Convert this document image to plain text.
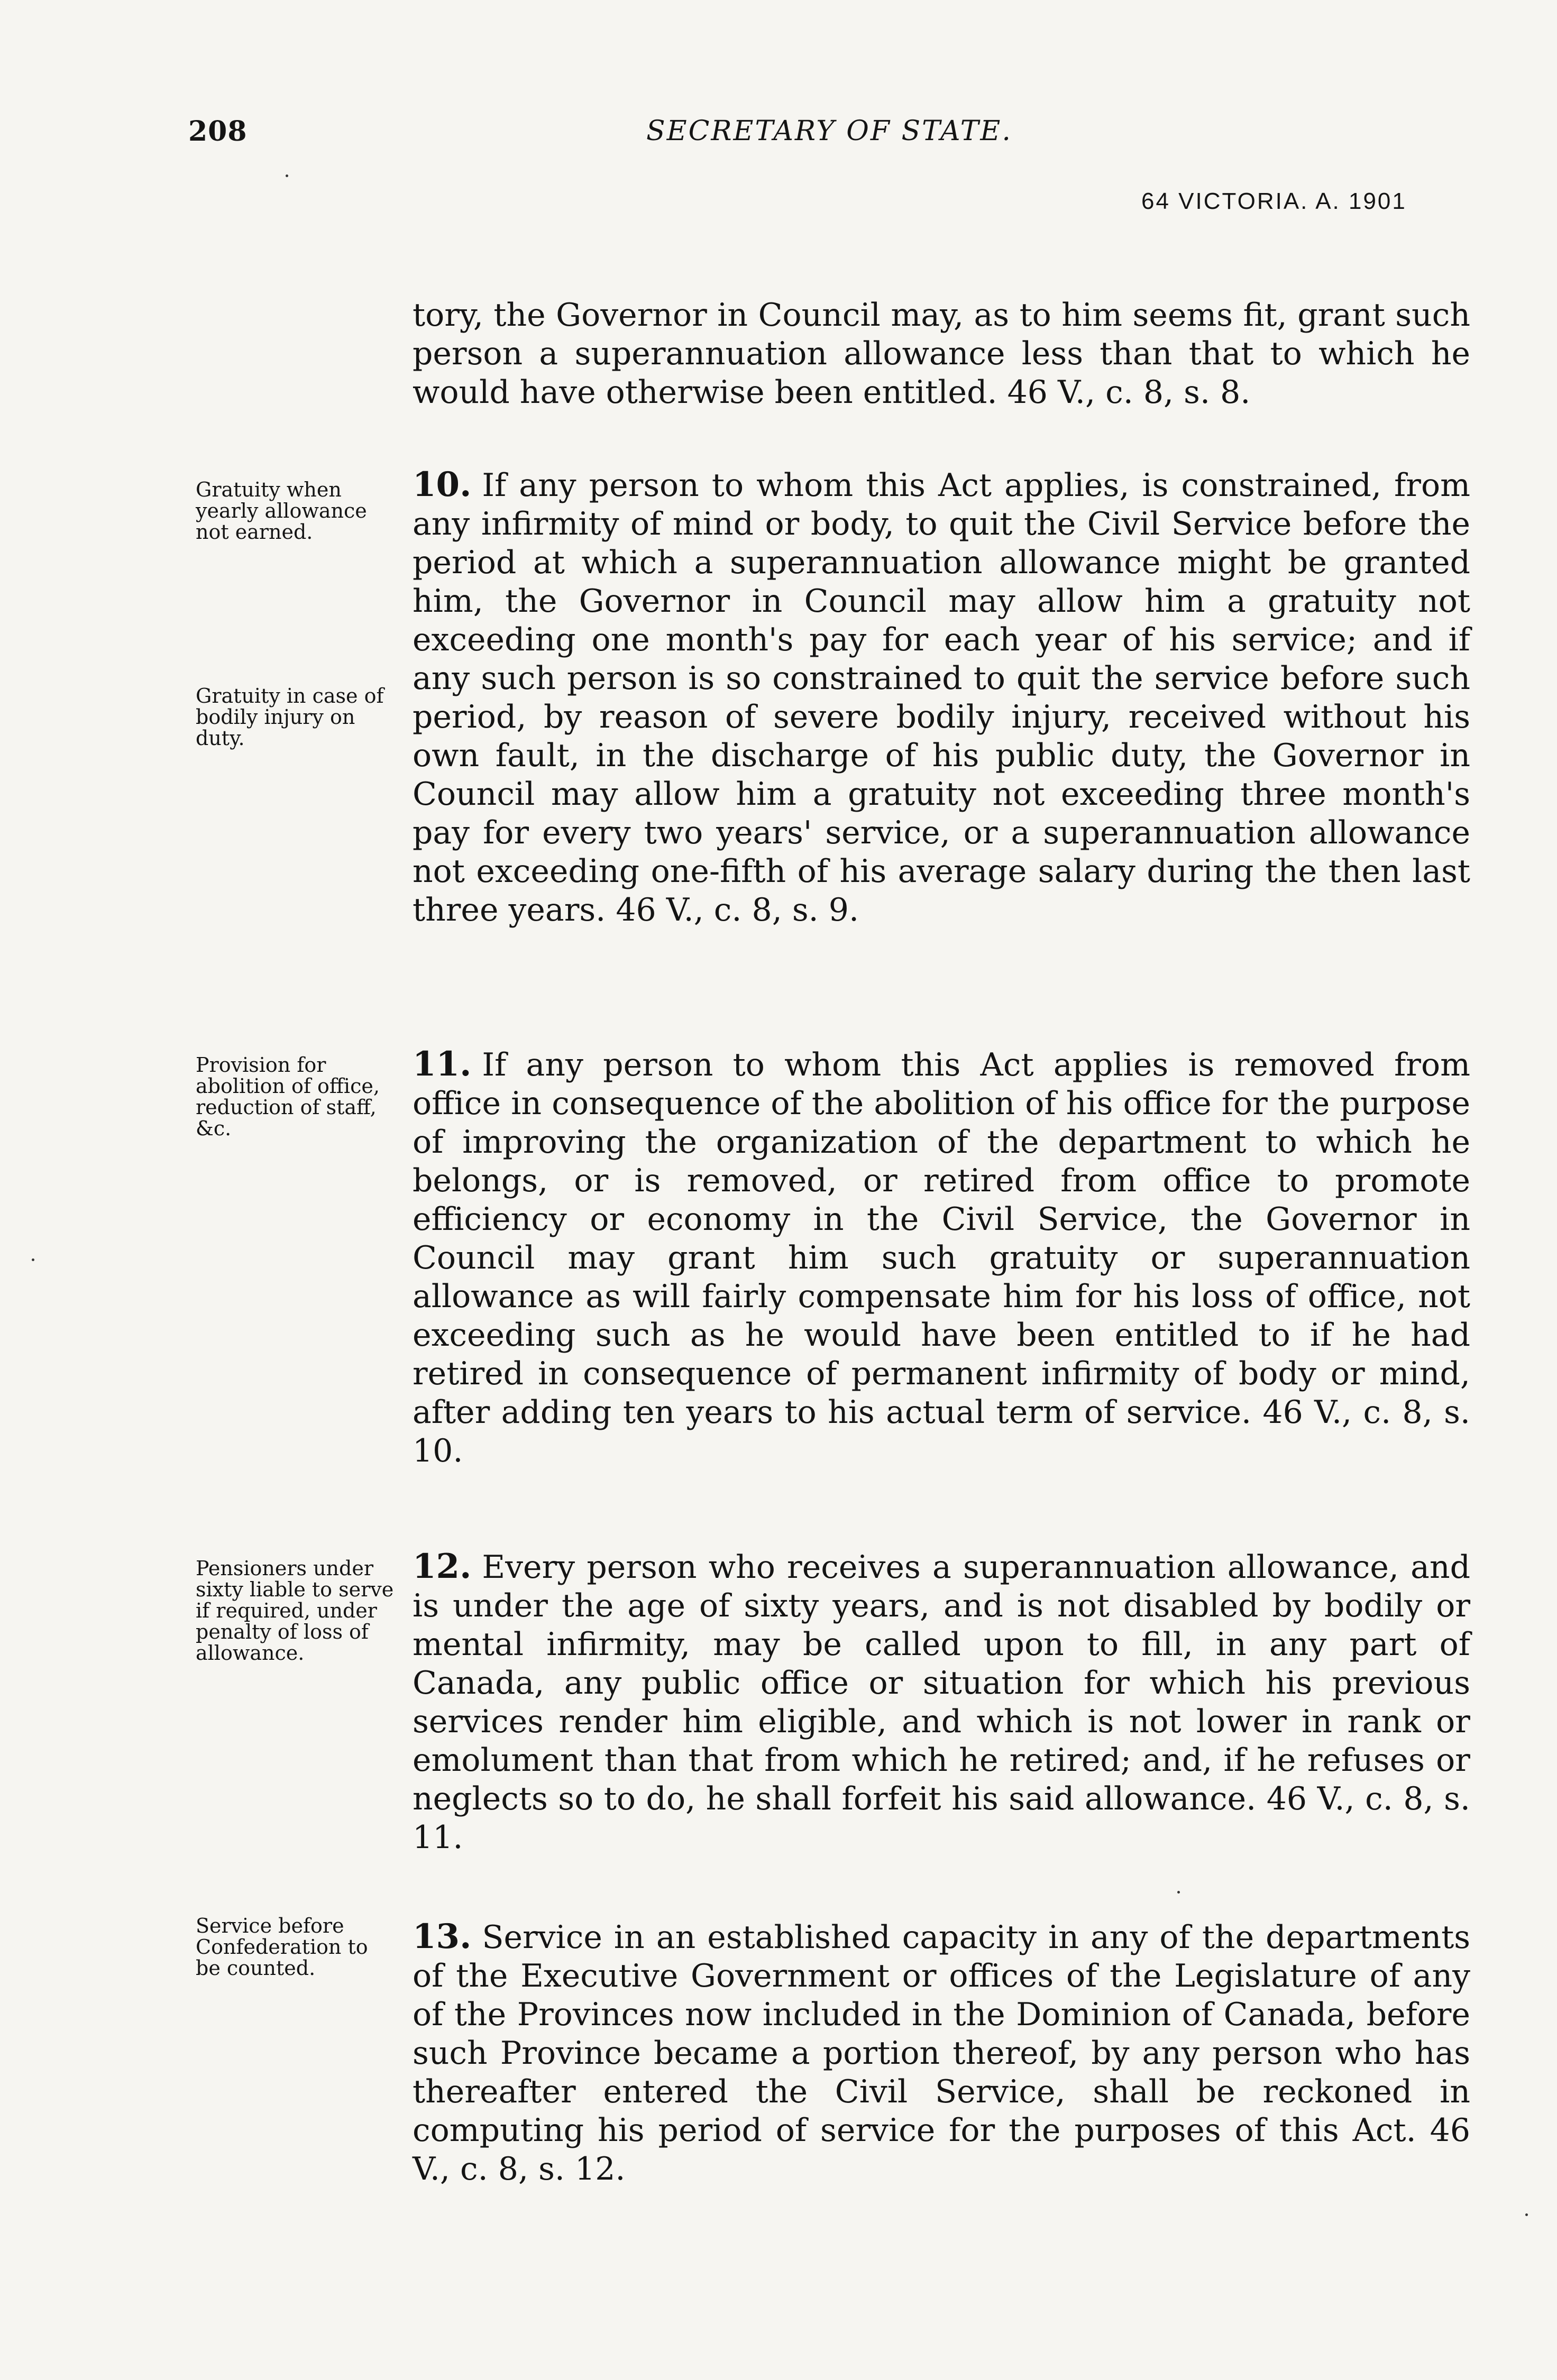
208	SECRETARY OF STATE.
64 VICTORIA. A. 1901

tory, the Governor in Council may, as to him seems fit, grant such person a superannuation allowance less than that to which he would have otherwise been entitled. 46 V., c. 8, s. 8.

Gratuity when yearly allowance not earned.

10. If any person to whom this Act applies, is constrained, from any infirmity of mind or body, to quit the Civil Service before the period at which a superannuation allowance might be granted him, the Governor in Council may allow him a gratuity not exceeding one month's pay for each year of his service; and if any such person is so constrained to quit the service before such period, by reason of severe bodily injury, received without his own fault, in the discharge of his public duty, the Governor in Council may allow him a gratuity not exceeding three month's pay for every two years' service, or a superannuation allowance not exceeding one-fifth of his average salary during the then last three years. 46 V., c. 8, s. 9.

Gratuity in case of bodily injury on duty.
Provision for abolition of office, reduction of staff, &c.

11. If any person to whom this Act applies is removed from office in consequence of the abolition of his office for the purpose of improving the organization of the department to which he belongs, or is removed, or retired from office to promote efficiency or economy in the Civil Service, the Governor in Council may grant him such gratuity or superannuation allowance as will fairly compensate him for his loss of office, not exceeding such as he would have been entitled to if he had retired in consequence of permanent infirmity of body or mind, after adding ten years to his actual term of service. 46 V., c. 8, s. 10.

Pensioners under sixty liable to serve if required, under penalty of loss of allowance.

12. Every person who receives a superannuation allowance, and is under the age of sixty years, and is not disabled by bodily or mental infirmity, may be called upon to fill, in any part of Canada, any public office or situation for which his previous services render him eligible, and which is not lower in rank or emolument than that from which he retired; and, if he refuses or neglects so to do, he shall forfeit his said allowance. 46 V., c. 8, s. 11.

Service before Confederation to be counted.

13. Service in an established capacity in any of the departments of the Executive Government or offices of the Legislature of any of the Provinces now included in the Dominion of Canada, before such Province became a portion thereof, by any person who has thereafter entered the Civil Service, shall be reckoned in computing his period of service for the purposes of this Act. 46 V., c. 8, s. 12.
